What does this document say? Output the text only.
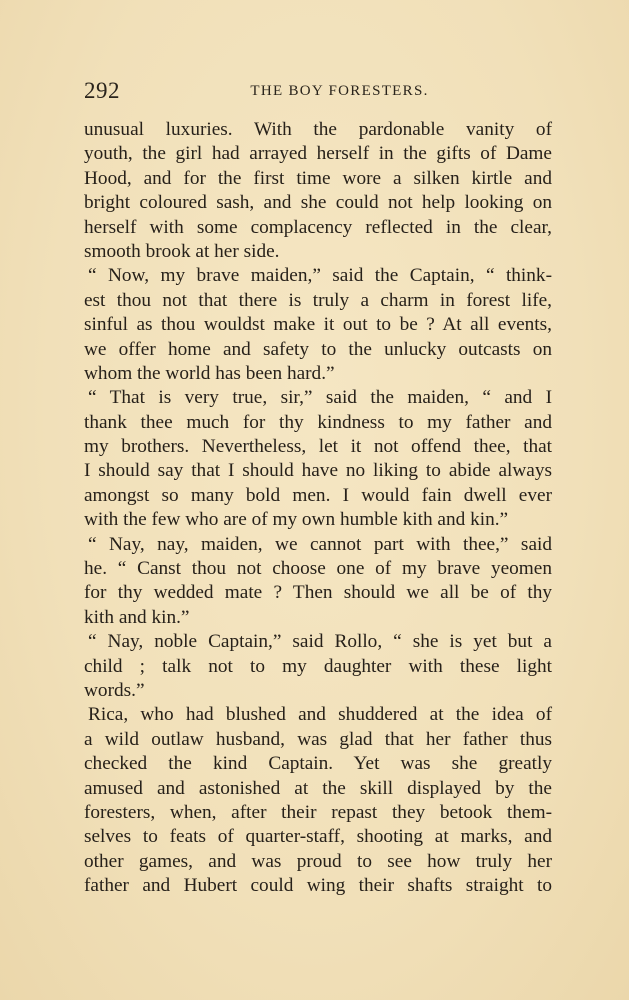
292	THE BOY FORESTERS.
unusual luxuries. With the pardonable vanity of
youth, the girl had arrayed herself in the gifts of Dame
Hood, and for the first time wore a silken kirtle and
bright coloured sash, and she could not help looking on
herself with some complacency reflected in the clear,
smooth brook at her side.
“ Now, my brave maiden,” said the Captain, “ think-
est thou not that there is truly a charm in forest life,
sinful as thou wouldst make it out to be ? At all events,
we offer home and safety to the unlucky outcasts on
whom the world has been hard.”
“ That is very true, sir,” said the maiden, “ and I
thank thee much for thy kindness to my father and
my brothers. Nevertheless, let it not offend thee, that
I should say that I should have no liking to abide always
amongst so many bold men. I would fain dwell ever
with the few who are of my own humble kith and kin.”
“ Nay, nay, maiden, we cannot part with thee,” said
he. “ Canst thou not choose one of my brave yeomen
for thy wedded mate ? Then should we all be of thy
kith and kin.”
“ Nay, noble Captain,” said Rollo, “ she is yet but a
child ; talk not to my daughter with these light
words.”
Rica, who had blushed and shuddered at the idea of
a wild outlaw husband, was glad that her father thus
checked the kind Captain. Yet was she greatly
amused and astonished at the skill displayed by the
foresters, when, after their repast they betook them-
selves to feats of quarter-staff, shooting at marks, and
other games, and was proud to see how truly her
father and Hubert could wing their shafts straight to
